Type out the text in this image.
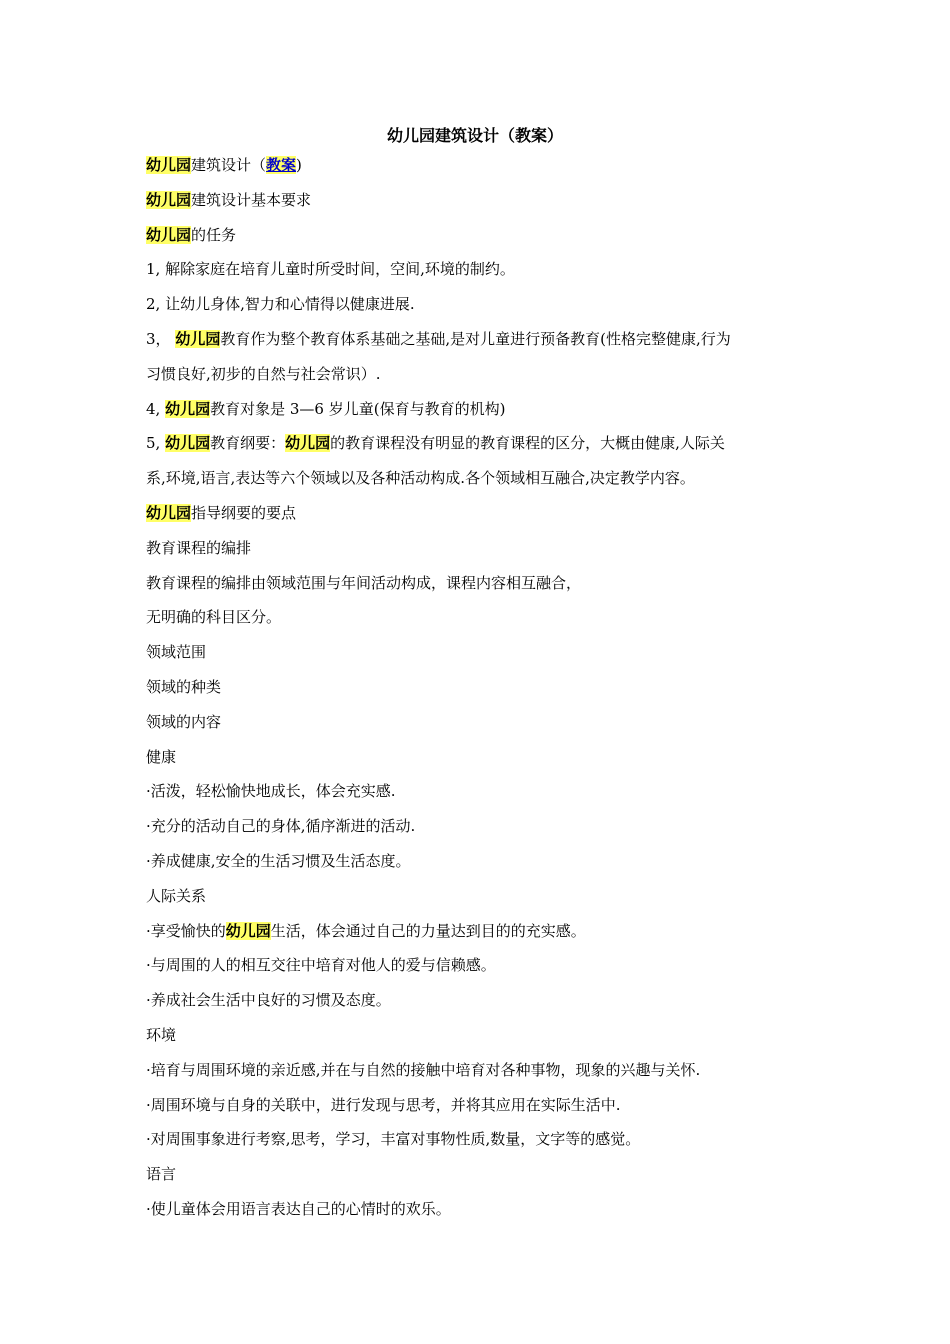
幼儿园建筑设计（教案）
幼儿园建筑设计（教案)
幼儿园建筑设计基本要求
幼儿园的任务
1, 解除家庭在培育儿童时所受时间，空间,环境的制约。
2, 让幼儿身体,智力和心情得以健康进展.
3， 幼儿园教育作为整个教育体系基础之基础,是对儿童进行预备教育(性格完整健康,行为
习惯良好,初步的自然与社会常识）.
4, 幼儿园教育对象是 3—6 岁儿童(保育与教育的机构)
5, 幼儿园教育纲要：幼儿园的教育课程没有明显的教育课程的区分，大概由健康,人际关
系,环境,语言,表达等六个领域以及各种活动构成.各个领域相互融合,决定教学内容。
幼儿园指导纲要的要点
教育课程的编排
教育课程的编排由领域范围与年间活动构成，课程内容相互融合，
无明确的科目区分。
领域范围
领域的种类
领域的内容
健康
·活泼，轻松愉快地成长，体会充实感.
·充分的活动自己的身体,循序渐进的活动.
·养成健康,安全的生活习惯及生活态度。
人际关系
·享受愉快的幼儿园生活，体会通过自己的力量达到目的的充实感。
·与周围的人的相互交往中培育对他人的爱与信赖感。
·养成社会生活中良好的习惯及态度。
环境
·培育与周围环境的亲近感,并在与自然的接触中培育对各种事物，现象的兴趣与关怀.
·周围环境与自身的关联中，进行发现与思考，并将其应用在实际生活中.
·对周围事象进行考察,思考，学习，丰富对事物性质,数量，文字等的感觉。
语言
·使儿童体会用语言表达自己的心情时的欢乐。
